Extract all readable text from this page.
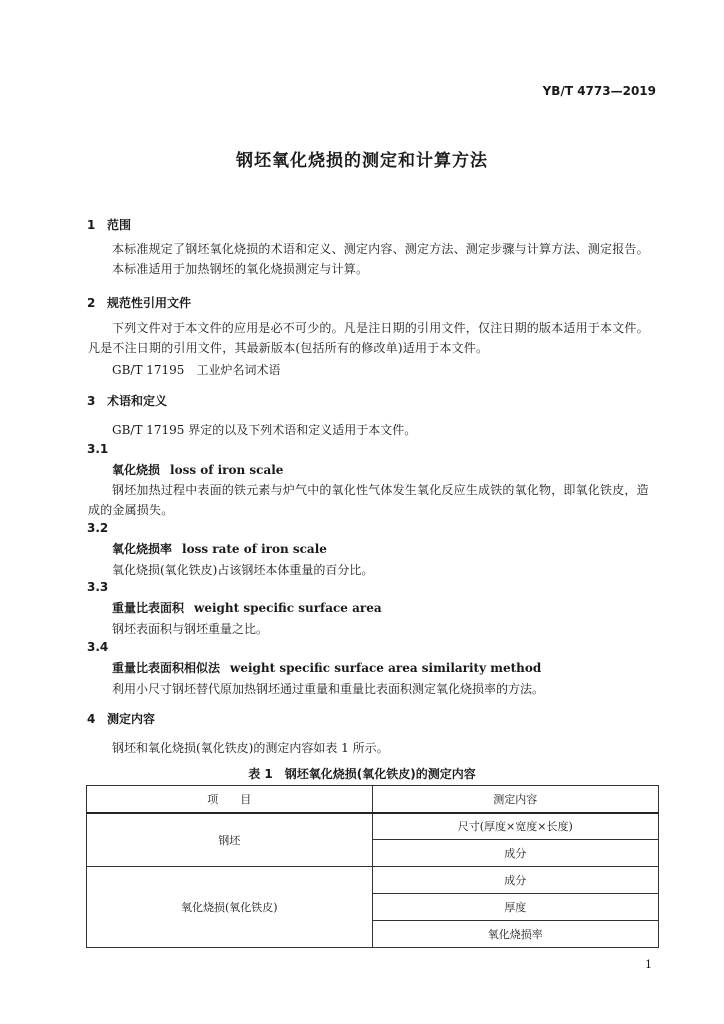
YB/T 4773—2019
钢坯氧化烧损的测定和计算方法
1 范围
本标准规定了钢坯氧化烧损的术语和定义、测定内容、测定方法、测定步骤与计算方法、测定报告。
本标准适用于加热钢坯的氧化烧损测定与计算。
2 规范性引用文件
下列文件对于本文件的应用是必不可少的。凡是注日期的引用文件，仅注日期的版本适用于本文件。凡是不注日期的引用文件，其最新版本(包括所有的修改单)适用于本文件。
GB/T 17195　工业炉名词术语
3 术语和定义
GB/T 17195 界定的以及下列术语和定义适用于本文件。
3.1
氧化烧损 loss of iron scale
钢坯加热过程中表面的铁元素与炉气中的氧化性气体发生氧化反应生成铁的氧化物，即氧化铁皮，造成的金属损失。
3.2
氧化烧损率 loss rate of iron scale
氧化烧损(氧化铁皮)占该钢坯本体重量的百分比。
3.3
重量比表面积 weight specific surface area
钢坯表面积与钢坯重量之比。
3.4
重量比表面积相似法 weight specific surface area similarity method
利用小尺寸钢坯替代原加热钢坯通过重量和重量比表面积测定氧化烧损率的方法。
4 测定内容
钢坯和氧化烧损(氧化铁皮)的测定内容如表 1 所示。
表 1　钢坯氧化烧损(氧化铁皮)的测定内容
项　　目	测定内容
钢坯	尺寸(厚度×宽度×长度)
	成分
氧化烧损(氧化铁皮)	成分
	厚度
	氧化烧损率
1
